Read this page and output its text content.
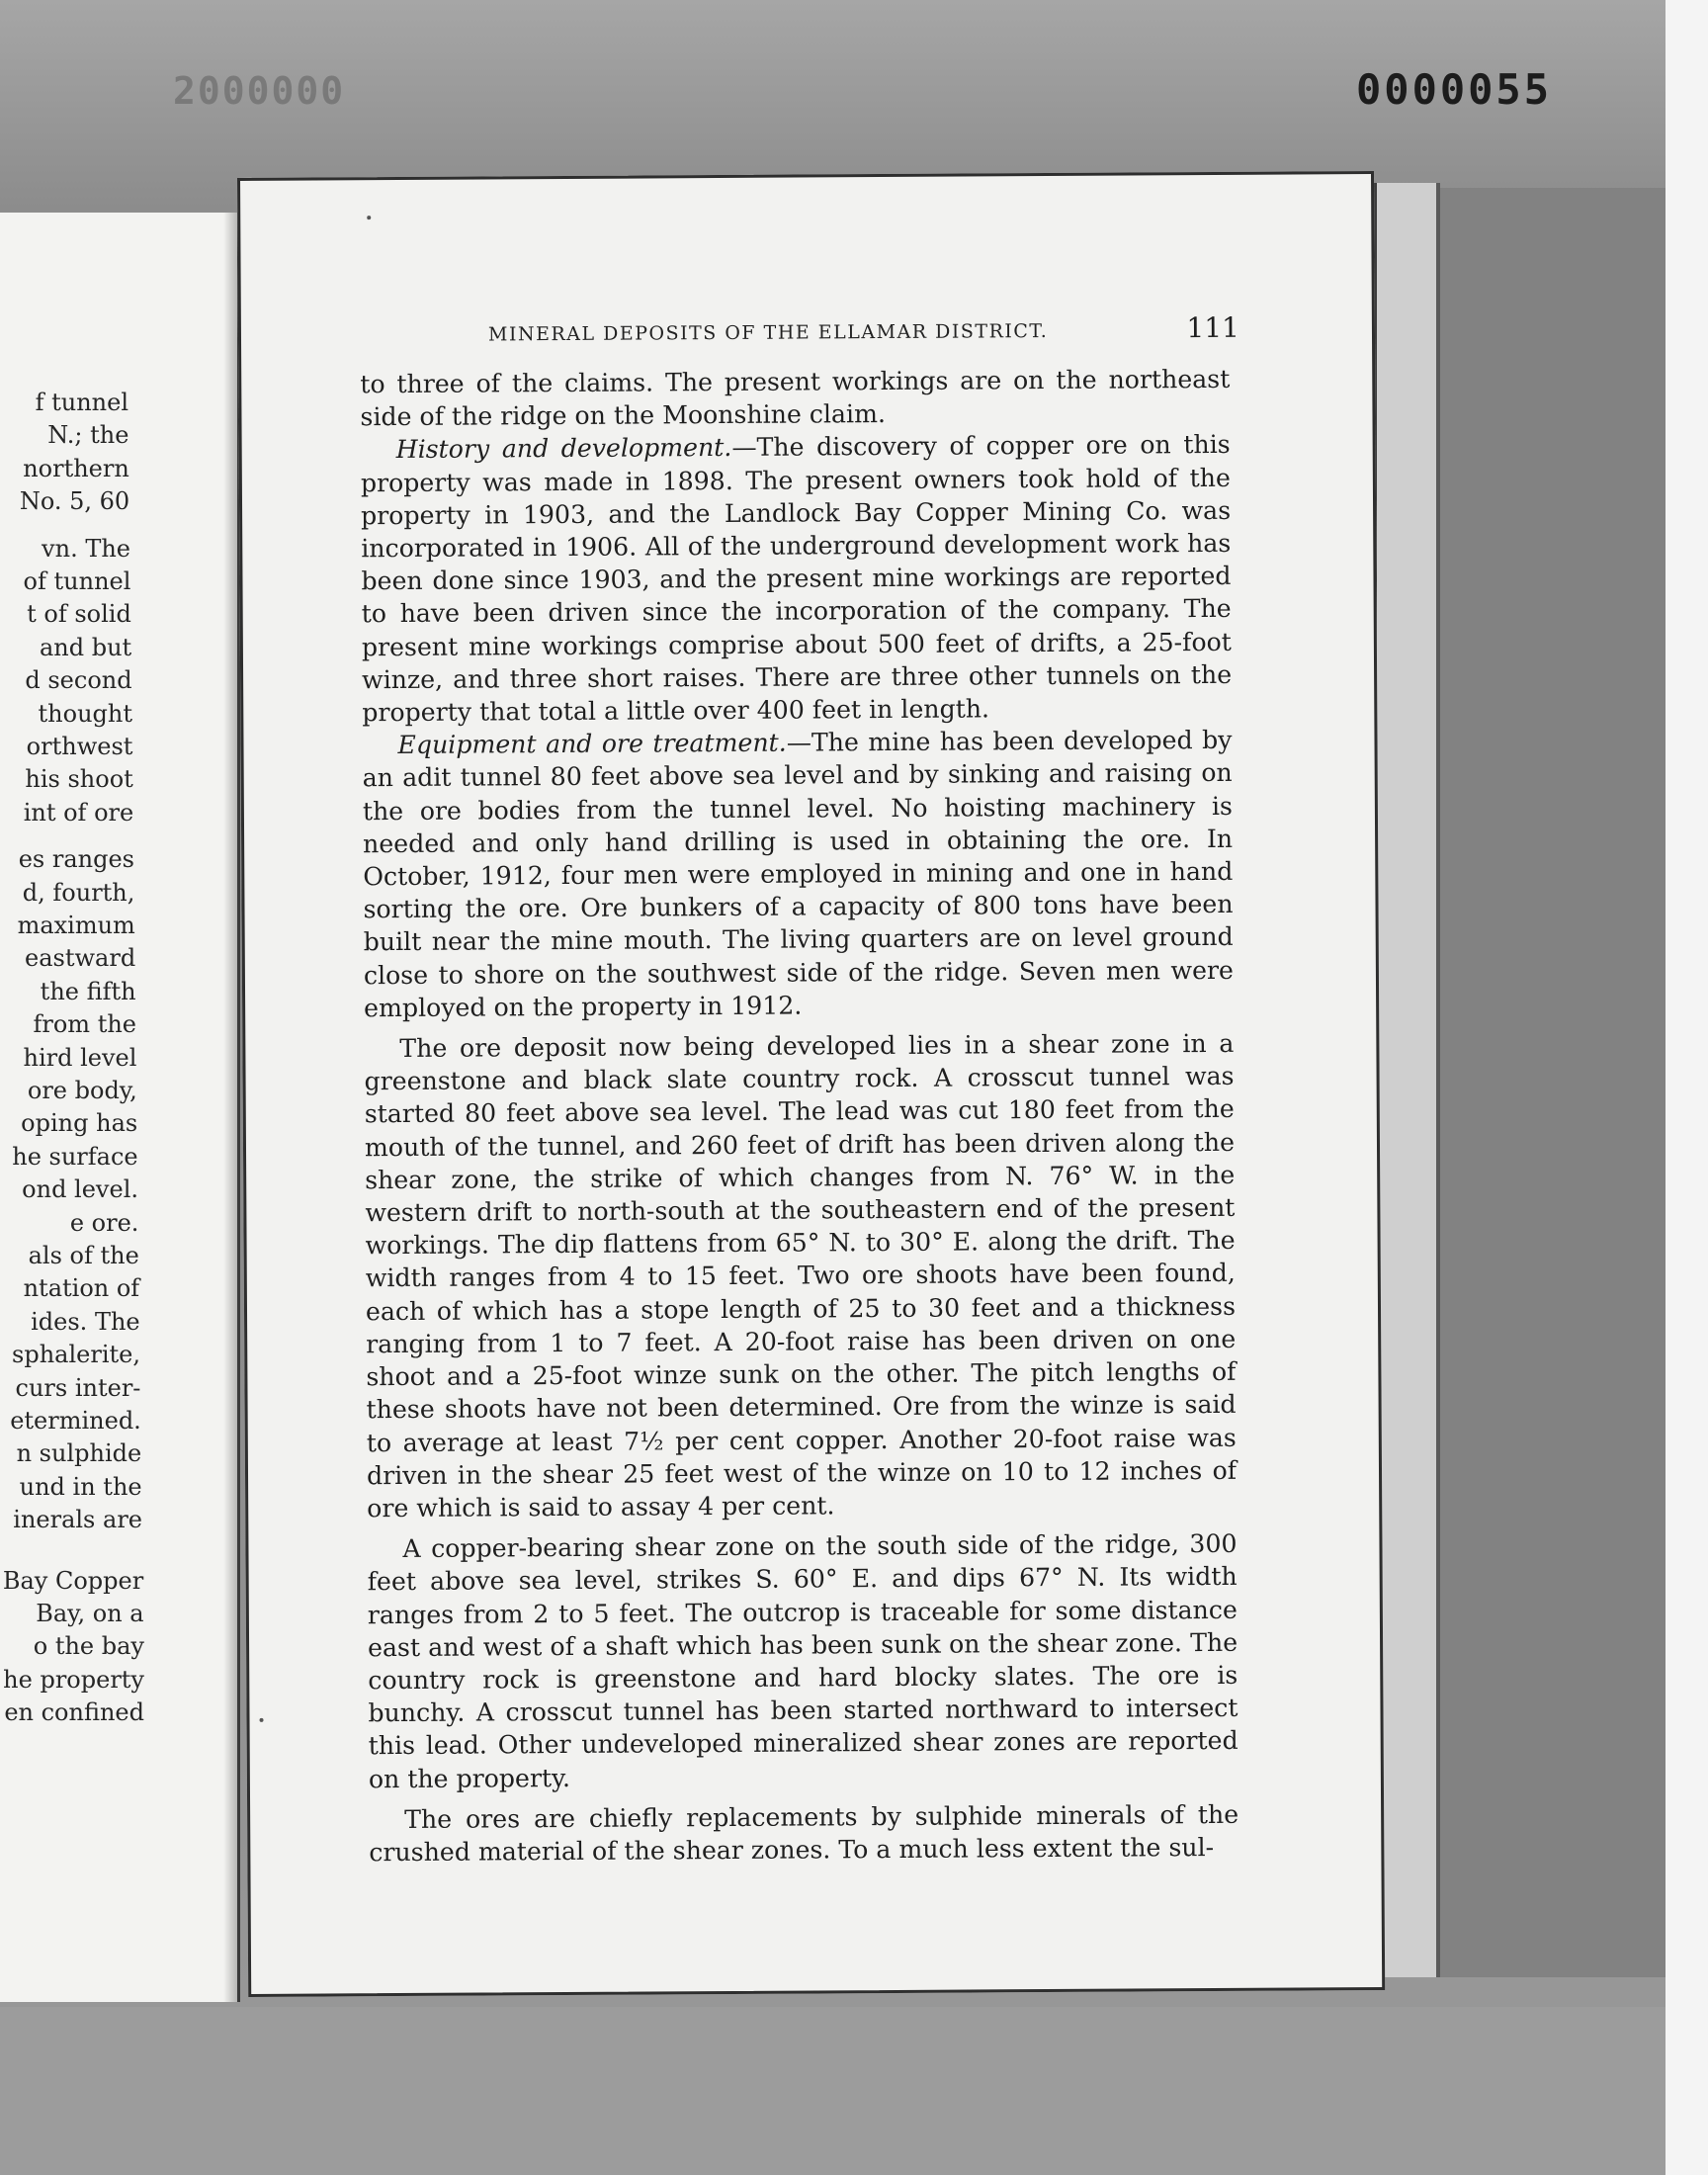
2000000	0000055
f tunnel
N.; the
northern
No. 5, 60
vn. The
of tunnel
t of solid
and but
d second
thought
orthwest
his shoot
int of ore
es ranges
d, fourth,
maximum
eastward
the fifth
from the
hird level
ore body,
oping has
he surface
ond level.
e ore.
als of the
ntation of
ides. The
sphalerite,
curs inter-
etermined.
n sulphide
und in the
inerals are
Bay Copper
Bay, on a
o the bay
he property
en confined
MINERAL DEPOSITS OF THE ELLAMAR DISTRICT.	111

to three of the claims. The present workings are on the northeast side of the ridge on the Moonshine claim.

History and development.—The discovery of copper ore on this property was made in 1898. The present owners took hold of the property in 1903, and the Landlock Bay Copper Mining Co. was incorporated in 1906. All of the underground development work has been done since 1903, and the present mine workings are reported to have been driven since the incorporation of the company. The present mine workings comprise about 500 feet of drifts, a 25-foot winze, and three short raises. There are three other tunnels on the property that total a little over 400 feet in length.

Equipment and ore treatment.—The mine has been developed by an adit tunnel 80 feet above sea level and by sinking and raising on the ore bodies from the tunnel level. No hoisting machinery is needed and only hand drilling is used in obtaining the ore. In October, 1912, four men were employed in mining and one in hand sorting the ore. Ore bunkers of a capacity of 800 tons have been built near the mine mouth. The living quarters are on level ground close to shore on the southwest side of the ridge. Seven men were employed on the property in 1912.

The ore deposit now being developed lies in a shear zone in a greenstone and black slate country rock. A crosscut tunnel was started 80 feet above sea level. The lead was cut 180 feet from the mouth of the tunnel, and 260 feet of drift has been driven along the shear zone, the strike of which changes from N. 76° W. in the western drift to north-south at the southeastern end of the present workings. The dip flattens from 65° N. to 30° E. along the drift. The width ranges from 4 to 15 feet. Two ore shoots have been found, each of which has a stope length of 25 to 30 feet and a thickness ranging from 1 to 7 feet. A 20-foot raise has been driven on one shoot and a 25-foot winze sunk on the other. The pitch lengths of these shoots have not been determined. Ore from the winze is said to average at least 7½ per cent copper. Another 20-foot raise was driven in the shear 25 feet west of the winze on 10 to 12 inches of ore which is said to assay 4 per cent.

A copper-bearing shear zone on the south side of the ridge, 300 feet above sea level, strikes S. 60° E. and dips 67° N. Its width ranges from 2 to 5 feet. The outcrop is traceable for some distance east and west of a shaft which has been sunk on the shear zone. The country rock is greenstone and hard blocky slates. The ore is bunchy. A crosscut tunnel has been started northward to intersect this lead. Other undeveloped mineralized shear zones are reported on the property.

The ores are chiefly replacements by sulphide minerals of the crushed material of the shear zones. To a much less extent the sul-
